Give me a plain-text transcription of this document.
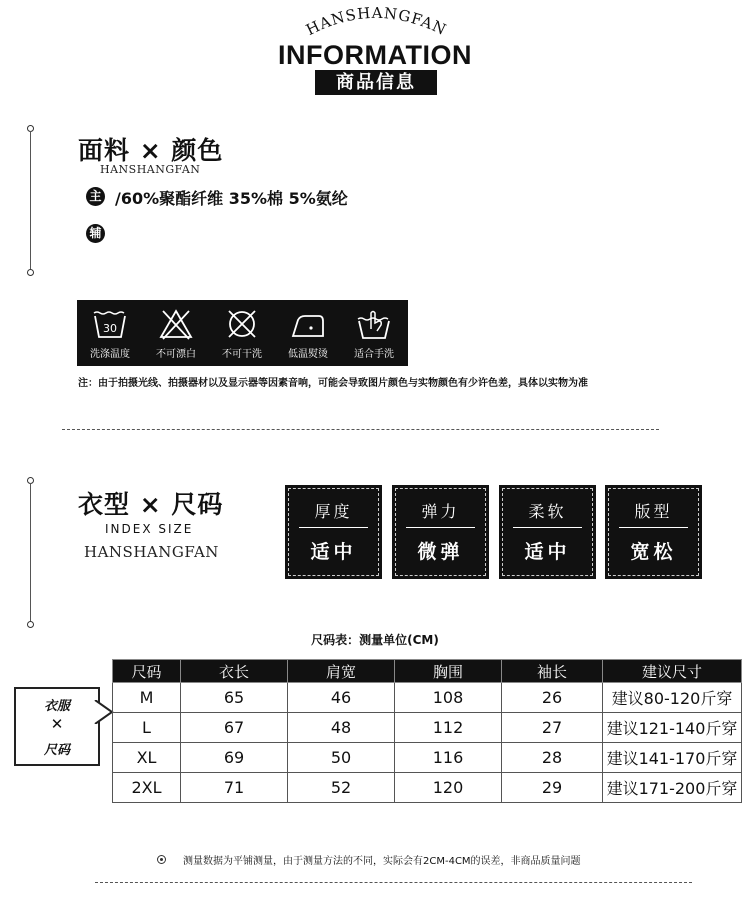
HANSHANGFAN
INFORMATION
商品信息
面料 × 颜色
HANSHANGFAN
主 /60%聚酯纤维 35%棉 5%氨纶
辅
30
洗涤温度	不可漂白	不可干洗	低温熨烫	适合手洗
注：由于拍摄光线、拍摄器材以及显示器等因素音响，可能会导致图片颜色与实物颜色有少许色差，具体以实物为准
衣型 × 尺码
INDEX SIZE
HANSHANGFAN
厚度
适中
弹力
微弹
柔软
适中
版型
宽松
尺码表：测量单位(CM)
衣服
✕
尺码
尺码	衣长	肩宽	胸围	袖长	建议尺寸
M	65	46	108	26	建议80-120斤穿
L	67	48	112	27	建议121-140斤穿
XL	69	50	116	28	建议141-170斤穿
2XL	71	52	120	29	建议171-200斤穿
测量数据为平铺测量，由于测量方法的不同，实际会有2CM-4CM的误差，非商品质量问题
